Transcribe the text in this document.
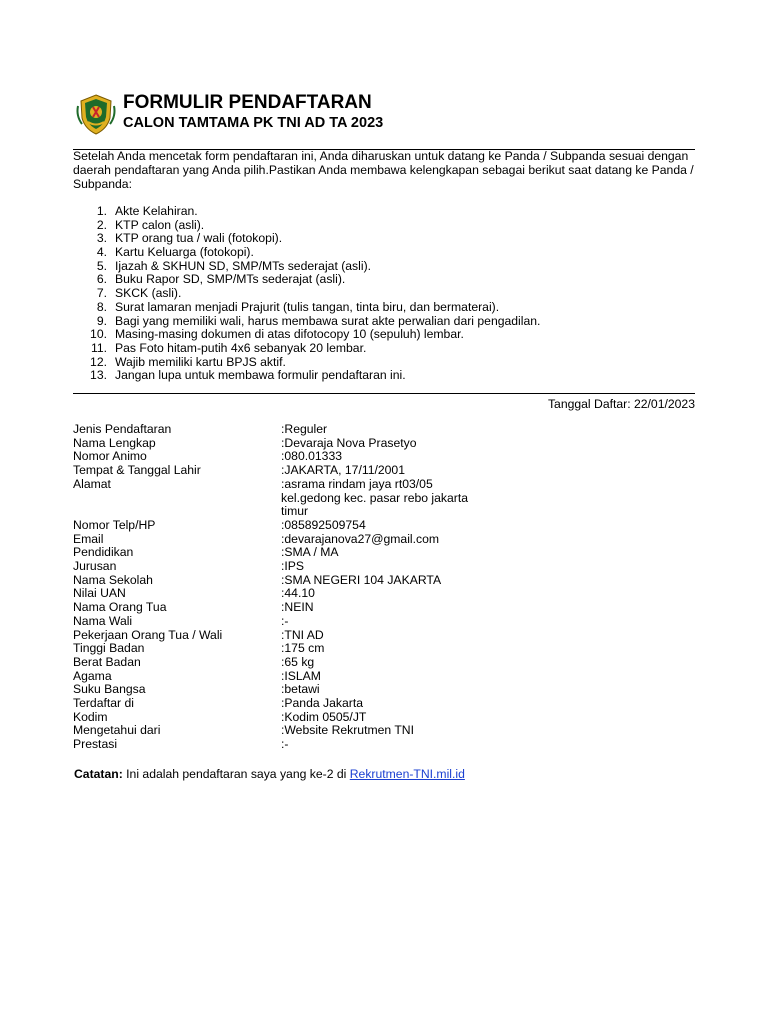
FORMULIR PENDAFTARAN
CALON TAMTAMA PK TNI AD TA 2023
Setelah Anda mencetak form pendaftaran ini, Anda diharuskan untuk datang ke Panda / Subpanda sesuai dengan daerah pendaftaran yang Anda pilih.Pastikan Anda membawa kelengkapan sebagai berikut saat datang ke Panda / Subpanda:
1. Akte Kelahiran.
2. KTP calon (asli).
3. KTP orang tua / wali (fotokopi).
4. Kartu Keluarga (fotokopi).
5. Ijazah & SKHUN SD, SMP/MTs sederajat (asli).
6. Buku Rapor SD, SMP/MTs sederajat (asli).
7. SKCK (asli).
8. Surat lamaran menjadi Prajurit (tulis tangan, tinta biru, dan bermaterai).
9. Bagi yang memiliki wali, harus membawa surat akte perwalian dari pengadilan.
10. Masing-masing dokumen di atas difotocopy 10 (sepuluh) lembar.
11. Pas Foto hitam-putih 4x6 sebanyak 20 lembar.
12. Wajib memiliki kartu BPJS aktif.
13. Jangan lupa untuk membawa formulir pendaftaran ini.
Tanggal Daftar: 22/01/2023
Jenis Pendaftaran	:Reguler
Nama Lengkap	:Devaraja Nova Prasetyo
Nomor Animo	:080.01333
Tempat & Tanggal Lahir	:JAKARTA, 17/11/2001
Alamat	:asrama rindam jaya rt03/05
kel.gedong kec. pasar rebo jakarta
timur
Nomor Telp/HP	:085892509754
Email	:devarajanova27@gmail.com
Pendidikan	:SMA / MA
Jurusan	:IPS
Nama Sekolah	:SMA NEGERI 104 JAKARTA
Nilai UAN	:44.10
Nama Orang Tua	:NEIN
Nama Wali	:-
Pekerjaan Orang Tua / Wali	:TNI AD
Tinggi Badan	:175 cm
Berat Badan	:65 kg
Agama	:ISLAM
Suku Bangsa	:betawi
Terdaftar di	:Panda Jakarta
Kodim	:Kodim 0505/JT
Mengetahui dari	:Website Rekrutmen TNI
Prestasi	:-
Catatan: Ini adalah pendaftaran saya yang ke-2 di Rekrutmen-TNI.mil.id
